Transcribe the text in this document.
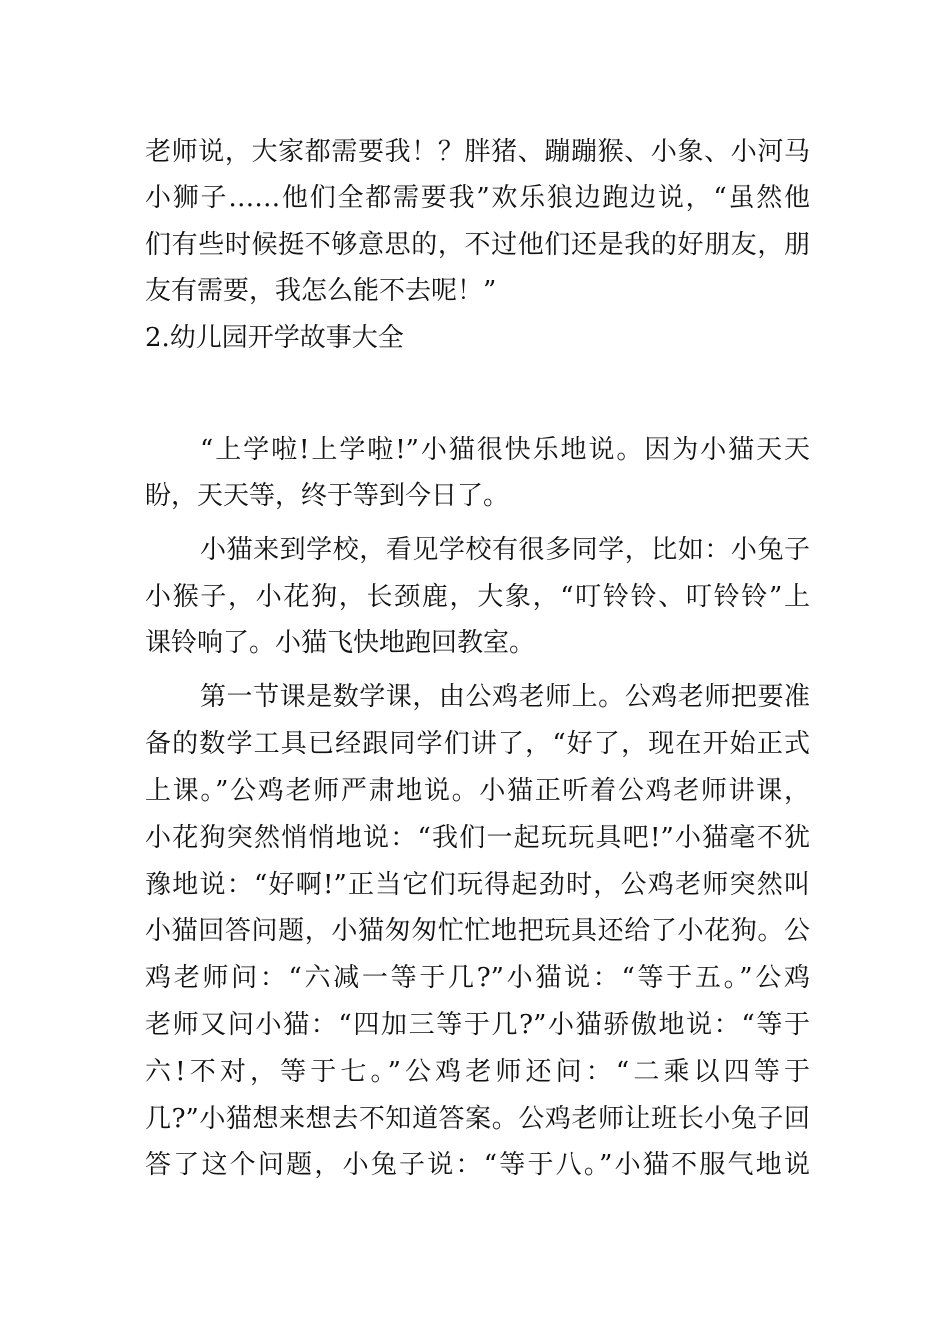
老师说，大家都需要我！？胖猪、蹦蹦猴、小象、小河马
小狮子……他们全都需要我”欢乐狼边跑边说，“虽然他
们有些时候挺不够意思的，不过他们还是我的好朋友，朋
友有需要，我怎么能不去呢！”
2.幼儿园开学故事大全
“上学啦!上学啦!”小猫很快乐地说。因为小猫天天
盼，天天等，终于等到今日了。
小猫来到学校，看见学校有很多同学，比如：小兔子
小猴子，小花狗，长颈鹿，大象，“叮铃铃、叮铃铃”上
课铃响了。小猫飞快地跑回教室。
第一节课是数学课，由公鸡老师上。公鸡老师把要准
备的数学工具已经跟同学们讲了，“好了，现在开始正式
上课。”公鸡老师严肃地说。小猫正听着公鸡老师讲课，
小花狗突然悄悄地说：“我们一起玩玩具吧!”小猫毫不犹
豫地说：“好啊!”正当它们玩得起劲时，公鸡老师突然叫
小猫回答问题，小猫匆匆忙忙地把玩具还给了小花狗。公
鸡老师问：“六减一等于几?”小猫说：“等于五。”公鸡
老师又问小猫：“四加三等于几?”小猫骄傲地说：“等于
六!不对，等于七。”公鸡老师还问：“二乘以四等于
几?”小猫想来想去不知道答案。公鸡老师让班长小兔子回
答了这个问题，小兔子说：“等于八。”小猫不服气地说
